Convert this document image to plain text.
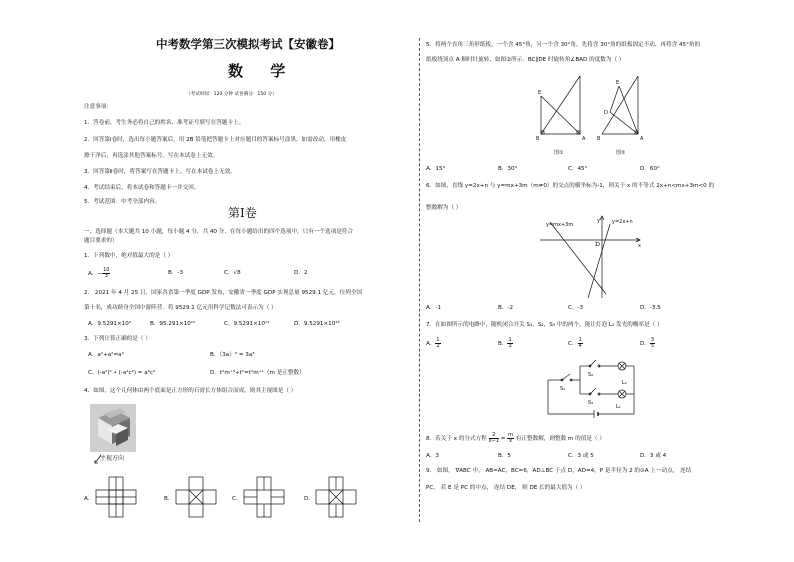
中考数学第三次模拟考试【安徽卷】
数 学
（考试时间：120 分钟 试卷满分：150 分）
注意事项：
1．答卷前，考生务必将自己的姓名、准考证号填写在答题卡上。
2．回答第Ⅰ卷时，选出每小题答案后，用 2B 铅笔把答题卡上对应题目的答案标号涂黑。如需改动，用橡皮
擦干净后，再选涂其他答案标号。写在本试卷上无效。
3．回答第Ⅱ卷时，将答案写在答题卡上。写在本试卷上无效。
4．考试结束后，将本试卷和答题卡一并交回。
5．考试范围：中考全部内容。
第Ⅰ卷
一、选择题（本大题共 10 小题，每小题 4 分，共 40 分．在每小题给出的四个选项中，只有一个选项是符合
题目要求的）
1．下列数中，绝对值最大的是（ ）
A．− $\frac{10}{3}$	B．-3	C．√8	D．2
2． 2021 年 4 月 25 日，国家各省第一季度 GDP 发布，安徽省一季度 GDP 实现总量 9529.1 亿元，位列全国
第十名，成功跻身全国中游阵营．将 9529.1 亿元用科学记数法可表示为（ ）
A．9.5291×10³	B．95.291×10¹⁰	C．9.5291×10¹¹	D．9.5291×10¹²
3．下列计算正确的是（ ）
A．a²+a²=a⁴	B．（3a）³ = 3a³
C．(-a²)² • (-a²c²) = a⁶c²	D．t²m⁺³÷t²=t²m⁺¹（m 是正整数）
4．如图，这个几何体由两个底面是正方形的石膏长方体组合而成，则其主视图是（ ）
主视方向
A．	B．	C．	D．
5．将两个直角三角形纸板，一个含 45°角，另一个含 30°角，先将含 30°角的纸板固定不动，再将含 45°角的
纸板绕顶点 A 顺时针旋转，如图②所示．BC∥DE 时旋转角∠BAD 的度数为（ ）
E
B	A
E
D
B	A
图①	图②
A．15°	B．30°	C．45°	D．60°
6．如图，直线 y=2x+n 与 y=mx+3m（m≠0）的交点的横坐标为-1，则关于 x 的不等式 2x+n<mx+3m<0 的
整数解为（ ）
y=mx+3m	y=2x+n
y
x
O
A．-1	B．-2	C．-3	D．-3.5
7．在如图所示的电路中，随机闭合开关 S₁，S₂，S₃ 中的两个，能让灯泡 L₁ 发光的概率是（ ）
A． $\frac{1}{2}$	B． $\frac{1}{3}$	C． $\frac{1}{4}$	D． $\frac{3}{5}$
S₁
S₂
S₃
L₂
L₁
8．若关于 x 的分式方程 $\frac{2}{x-1} = \frac{m}{x}$ 有正整数解，则整数 m 的值是（ ）
A．3	B．5	C．3 或 5	D．3 或 4
9． 如图， ∇ABC 中， AB=AC，BC=6，AD⊥BC 于点 D，AD=4，P 是半径为 2 的⊙A 上一动点， 连结
PC， 若 E 是 PC 的中点， 连结 DE， 则 DE 长的最大值为（ ）
